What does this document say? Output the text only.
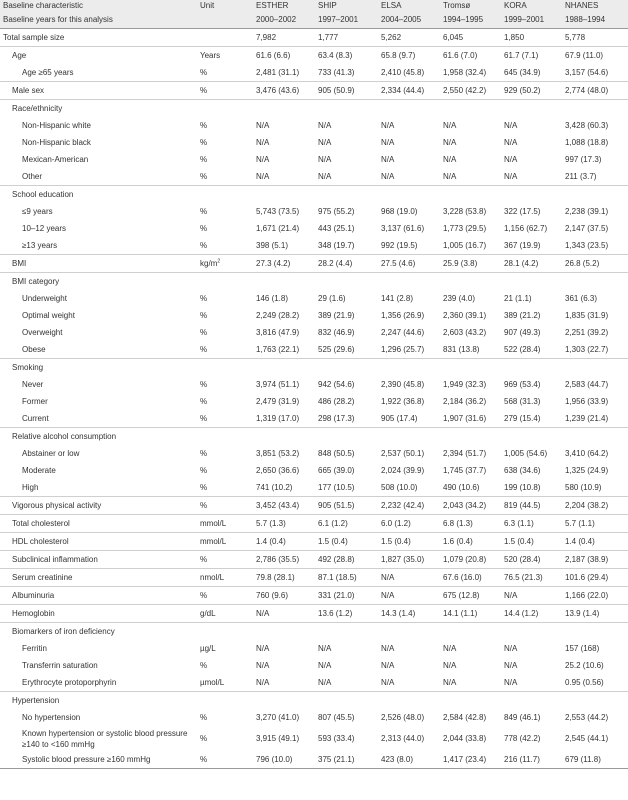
Baseline characteristic	Unit	ESTHER	SHIP	ELSA	Tromsø	KORA	NHANES
Baseline years for this analysis		2000–2002	1997–2001	2004–2005	1994–1995	1999–2001	1988–1994
Total sample size		7,982	1,777	5,262	6,045	1,850	5,778
Age	Years	61.6 (6.6)	63.4 (8.3)	65.8 (9.7)	61.6 (7.0)	61.7 (7.1)	67.9 (11.0)
Age ≥65 years	%	2,481 (31.1)	733 (41.3)	2,410 (45.8)	1,958 (32.4)	645 (34.9)	3,157 (54.6)
Male sex	%	3,476 (43.6)	905 (50.9)	2,334 (44.4)	2,550 (42.2)	929 (50.2)	2,774 (48.0)
Race/ethnicity							
Non-Hispanic white	%	N/A	N/A	N/A	N/A	N/A	3,428 (60.3)
Non-Hispanic black	%	N/A	N/A	N/A	N/A	N/A	1,088 (18.8)
Mexican-American	%	N/A	N/A	N/A	N/A	N/A	997 (17.3)
Other	%	N/A	N/A	N/A	N/A	N/A	211 (3.7)
School education							
≤9 years	%	5,743 (73.5)	975 (55.2)	968 (19.0)	3,228 (53.8)	322 (17.5)	2,238 (39.1)
10–12 years	%	1,671 (21.4)	443 (25.1)	3,137 (61.6)	1,773 (29.5)	1,156 (62.7)	2,147 (37.5)
≥13 years	%	398 (5.1)	348 (19.7)	992 (19.5)	1,005 (16.7)	367 (19.9)	1,343 (23.5)
BMI	$kg/m^2$	27.3 (4.2)	28.2 (4.4)	27.5 (4.6)	25.9 (3.8)	28.1 (4.2)	26.8 (5.2)
BMI category							
Underweight	%	146 (1.8)	29 (1.6)	141 (2.8)	239 (4.0)	21 (1.1)	361 (6.3)
Optimal weight	%	2,249 (28.2)	389 (21.9)	1,356 (26.9)	2,360 (39.1)	389 (21.2)	1,835 (31.9)
Overweight	%	3,816 (47.9)	832 (46.9)	2,247 (44.6)	2,603 (43.2)	907 (49.3)	2,251 (39.2)
Obese	%	1,763 (22.1)	525 (29.6)	1,296 (25.7)	831 (13.8)	522 (28.4)	1,303 (22.7)
Smoking							
Never	%	3,974 (51.1)	942 (54.6)	2,390 (45.8)	1,949 (32.3)	969 (53.4)	2,583 (44.7)
Former	%	2,479 (31.9)	486 (28.2)	1,922 (36.8)	2,184 (36.2)	568 (31.3)	1,956 (33.9)
Current	%	1,319 (17.0)	298 (17.3)	905 (17.4)	1,907 (31.6)	279 (15.4)	1,239 (21.4)
Relative alcohol consumption							
Abstainer or low	%	3,851 (53.2)	848 (50.5)	2,537 (50.1)	2,394 (51.7)	1,005 (54.6)	3,410 (64.2)
Moderate	%	2,650 (36.6)	665 (39.0)	2,024 (39.9)	1,745 (37.7)	638 (34.6)	1,325 (24.9)
High	%	741 (10.2)	177 (10.5)	508 (10.0)	490 (10.6)	199 (10.8)	580 (10.9)
Vigorous physical activity	%	3,452 (43.4)	905 (51.5)	2,232 (42.4)	2,043 (34.2)	819 (44.5)	2,204 (38.2)
Total cholesterol	mmol/L	5.7 (1.3)	6.1 (1.2)	6.0 (1.2)	6.8 (1.3)	6.3 (1.1)	5.7 (1.1)
HDL cholesterol	mmol/L	1.4 (0.4)	1.5 (0.4)	1.5 (0.4)	1.6 (0.4)	1.5 (0.4)	1.4 (0.4)
Subclinical inflammation	%	2,786 (35.5)	492 (28.8)	1,827 (35.0)	1,079 (20.8)	520 (28.4)	2,187 (38.9)
Serum creatinine	nmol/L	79.8 (28.1)	87.1 (18.5)	N/A	67.6 (16.0)	76.5 (21.3)	101.6 (29.4)
Albuminuria	%	760 (9.6)	331 (21.0)	N/A	675 (12.8)	N/A	1,166 (22.0)
Hemoglobin	g/dL	N/A	13.6 (1.2)	14.3 (1.4)	14.1 (1.1)	14.4 (1.2)	13.9 (1.4)
Biomarkers of iron deficiency							
Ferritin	µg/L	N/A	N/A	N/A	N/A	N/A	157 (168)
Transferrin saturation	%	N/A	N/A	N/A	N/A	N/A	25.2 (10.6)
Erythrocyte protoporphyrin	µmol/L	N/A	N/A	N/A	N/A	N/A	0.95 (0.56)
Hypertension							
No hypertension	%	3,270 (41.0)	807 (45.5)	2,526 (48.0)	2,584 (42.8)	849 (46.1)	2,553 (44.2)
Known hypertension or systolic blood pressure ≥140 to <160 mmHg	%	3,915 (49.1)	593 (33.4)	2,313 (44.0)	2,044 (33.8)	778 (42.2)	2,545 (44.1)
Systolic blood pressure ≥160 mmHg	%	796 (10.0)	375 (21.1)	423 (8.0)	1,417 (23.4)	216 (11.7)	679 (11.8)
